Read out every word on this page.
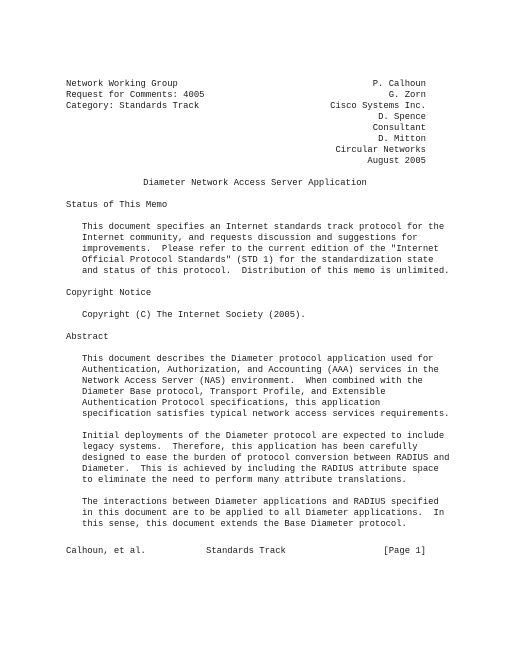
Network Working Group
Request for Comments: 4005
Category: Standards Track
P. Calhoun
G. Zorn
Cisco Systems Inc.
D. Spence
Consultant
D. Mitton
Circular Networks
August 2005
Diameter Network Access Server Application
Status of This Memo
This document specifies an Internet standards track protocol for the
Internet community, and requests discussion and suggestions for
improvements.  Please refer to the current edition of the "Internet
Official Protocol Standards" (STD 1) for the standardization state
and status of this protocol.  Distribution of this memo is unlimited.
Copyright Notice
Copyright (C) The Internet Society (2005).
Abstract
This document describes the Diameter protocol application used for
Authentication, Authorization, and Accounting (AAA) services in the
Network Access Server (NAS) environment.  When combined with the
Diameter Base protocol, Transport Profile, and Extensible
Authentication Protocol specifications, this application
specification satisfies typical network access services requirements.
Initial deployments of the Diameter protocol are expected to include
legacy systems.  Therefore, this application has been carefully
designed to ease the burden of protocol conversion between RADIUS and
Diameter.  This is achieved by including the RADIUS attribute space
to eliminate the need to perform many attribute translations.
The interactions between Diameter applications and RADIUS specified
in this document are to be applied to all Diameter applications.  In
this sense, this document extends the Base Diameter protocol.
Calhoun, et al.	Standards Track	[Page 1]
